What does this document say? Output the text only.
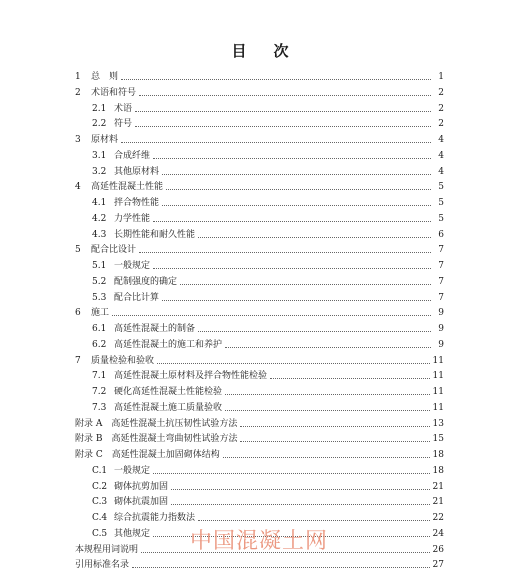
目　次
1	总　则	1
2	术语和符号	2
2.1 术语	2
2.2 符号	2
3	原材料	4
3.1 合成纤维	4
3.2 其他原材料	4
4	高延性混凝土性能	5
4.1 拌合物性能	5
4.2 力学性能	5
4.3 长期性能和耐久性能	6
5	配合比设计	7
5.1 一般规定	7
5.2 配制强度的确定	7
5.3 配合比计算	7
6	施工	9
6.1 高延性混凝土的制备	9
6.2 高延性混凝土的施工和养护	9
7	质量检验和验收	11
7.1 高延性混凝土原材料及拌合物性能检验	11
7.2 硬化高延性混凝土性能检验	11
7.3 高延性混凝土施工质量验收	11
附录 A　高延性混凝土抗压韧性试验方法	13
附录 B　高延性混凝土弯曲韧性试验方法	15
附录 C　高延性混凝土加固砌体结构	18
C.1 一般规定	18
C.2 砌体抗剪加固	21
C.3 砌体抗震加固	21
C.4 综合抗震能力指数法	22
C.5 其他规定	24
本规程用词说明	26
引用标准名录	27
中国混凝土网
